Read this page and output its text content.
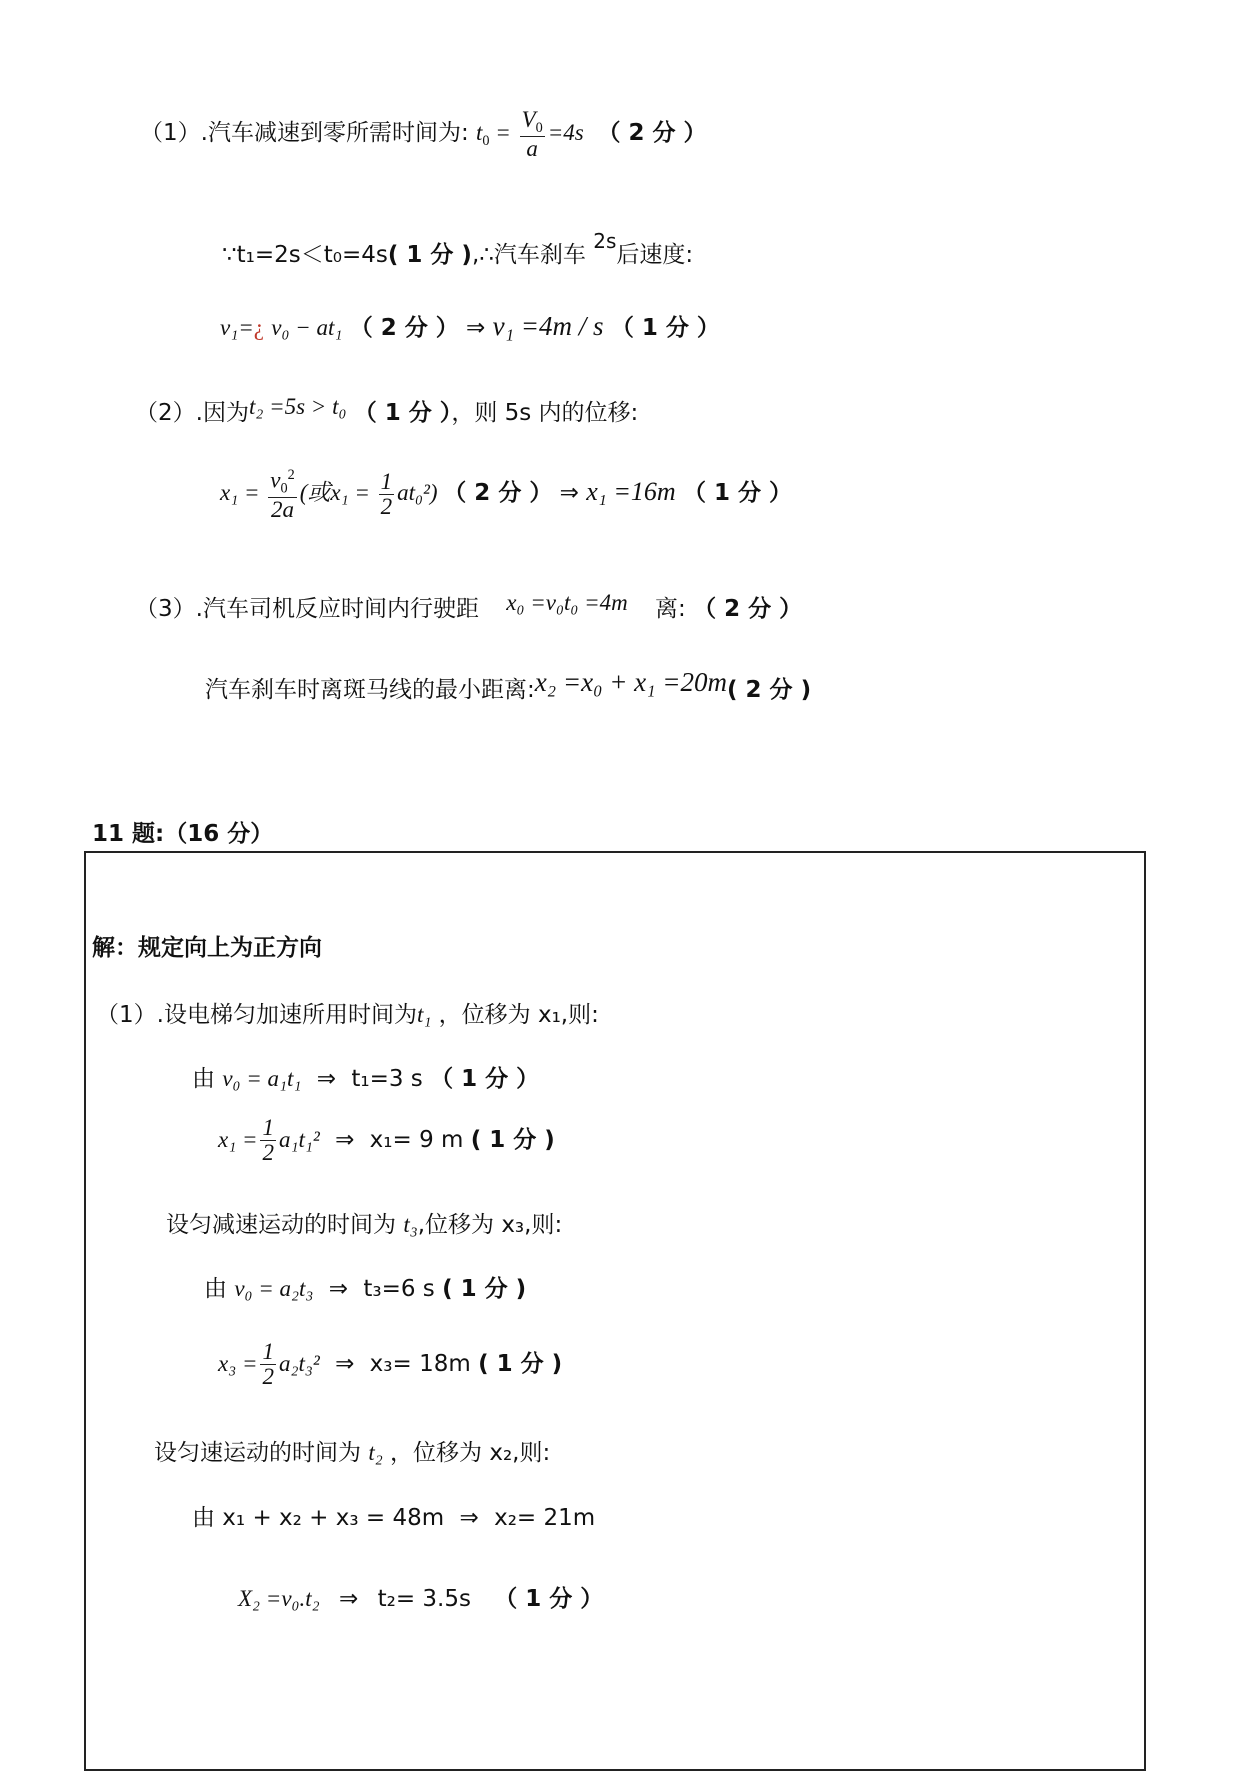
（1）.汽车减速到零所需时间为: $t_0 = \frac{V_0}{a} =4s$ （ 2 分 ）
∵t₁=2s＜t₀=4s( 1 分 ),∴汽车刹车 2s后速度:
v₁=¿ v₀ − at₁ （ 2 分 ） ⇒ v₁ =4m / s （ 1 分 ）
（2）.因为t₂ =5s > t₀ （ 1 分 ），则 5s 内的位移:
$x_1 = \frac{v_0^2}{2a}$ (或$x_1 = \frac{1}{2} at_0^2$) （ 2 分 ） ⇒ x₁ =16m （ 1 分 ）
（3）.汽车司机反应时间内行驶距 x₀ =v₀t₀ =4m 离: （ 2 分 ）
汽车刹车时离斑马线的最小距离:x₂ =x₀ + x₁ =20m( 2 分 )
11 题:（16 分）
解：规定向上为正方向
（1）.设电梯匀加速所用时间为t₁ ，位移为 x₁,则:
由 v₀ = a₁t₁ ⇒ t₁=3 s （ 1 分 ）
$x_1 = \frac{1}{2} a_1t_1^2$ ⇒ x₁= 9 m ( 1 分 )
设匀减速运动的时间为 t₃,位移为 x₃,则:
由 v₀ = a₂t₃ ⇒ t₃=6 s ( 1 分 )
$x_3 = \frac{1}{2} a_2t_3^2$ ⇒ x₃= 18m ( 1 分 )
设匀速运动的时间为 t₂ ，位移为 x₂,则:
由 x₁ + x₂ + x₃ = 48m ⇒ x₂= 21m
X₂ =v₀.t₂ ⇒ t₂= 3.5s （ 1 分 ）
